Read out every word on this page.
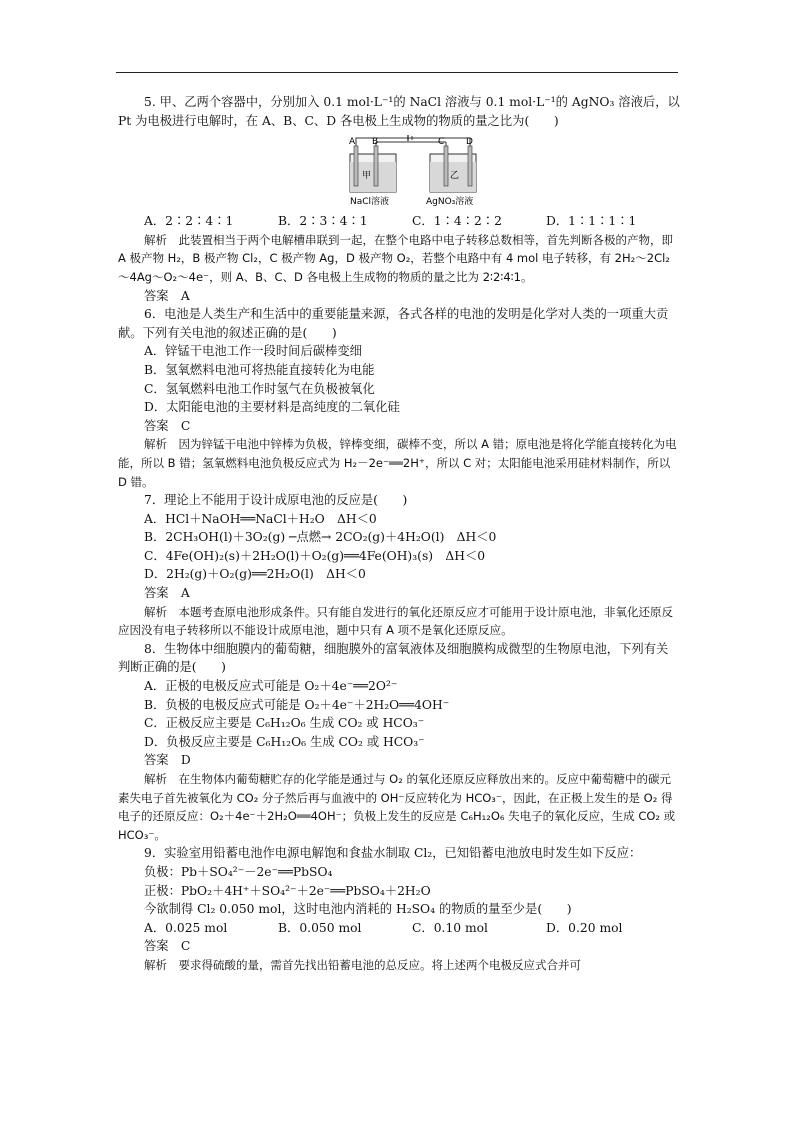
5. 甲、乙两个容器中，分别加入 0.1 mol·L⁻¹的 NaCl 溶液与 0.1 mol·L⁻¹的 AgNO₃ 溶液后，以 Pt 为电极进行电解时，在 A、B、C、D 各电极上生成物的物质的量之比为(　　)

A B	C D
甲	乙
NaCl溶液	AgNO₃溶液
A．2∶2∶4∶1	B．2∶3∶4∶1	C．1∶4∶2∶2	D．1∶1∶1∶1

解析　此装置相当于两个电解槽串联到一起，在整个电路中电子转移总数相等，首先判断各极的产物，即 A 极产物 H₂，B 极产物 Cl₂，C 极产物 Ag，D 极产物 O₂，若整个电路中有 4 mol 电子转移，有 2H₂～2Cl₂～4Ag～O₂～4e⁻，则 A、B、C、D 各电极上生成物的物质的量之比为 2∶2∶4∶1。

答案　A

6．电池是人类生产和生活中的重要能量来源，各式各样的电池的发明是化学对人类的一项重大贡献。下列有关电池的叙述正确的是(　　)

A．锌锰干电池工作一段时间后碳棒变细

B．氢氧燃料电池可将热能直接转化为电能

C．氢氧燃料电池工作时氢气在负极被氧化

D．太阳能电池的主要材料是高纯度的二氧化硅

答案　C

解析　因为锌锰干电池中锌棒为负极，锌棒变细，碳棒不变，所以 A 错；原电池是将化学能直接转化为电能，所以 B 错；氢氧燃料电池负极反应式为 H₂－2e⁻══2H⁺，所以 C 对；太阳能电池采用硅材料制作，所以 D 错。

7．理论上不能用于设计成原电池的反应是(　　)

A．HCl＋NaOH══NaCl＋H₂O　ΔH＜0

B．2CH₃OH(l)＋3O₂(g) ─点燃→ 2CO₂(g)＋4H₂O(l)　ΔH＜0

C．4Fe(OH)₂(s)＋2H₂O(l)＋O₂(g)══4Fe(OH)₃(s)　ΔH＜0

D．2H₂(g)＋O₂(g)══2H₂O(l)　ΔH＜0

答案　A

解析　本题考查原电池形成条件。只有能自发进行的氧化还原反应才可能用于设计原电池，非氧化还原反应因没有电子转移所以不能设计成原电池，题中只有 A 项不是氧化还原反应。

8．生物体中细胞膜内的葡萄糖，细胞膜外的富氧液体及细胞膜构成微型的生物原电池，下列有关判断正确的是(　　)

A．正极的电极反应式可能是 O₂＋4e⁻══2O²⁻

B．负极的电极反应式可能是 O₂＋4e⁻＋2H₂O══4OH⁻

C．正极反应主要是 C₆H₁₂O₆ 生成 CO₂ 或 HCO₃⁻

D．负极反应主要是 C₆H₁₂O₆ 生成 CO₂ 或 HCO₃⁻

答案　D

解析　在生物体内葡萄糖贮存的化学能是通过与 O₂ 的氧化还原反应释放出来的。反应中葡萄糖中的碳元素失电子首先被氧化为 CO₂ 分子然后再与血液中的 OH⁻反应转化为 HCO₃⁻，因此，在正极上发生的是 O₂ 得电子的还原反应：O₂＋4e⁻＋2H₂O══4OH⁻；负极上发生的反应是 C₆H₁₂O₆ 失电子的氧化反应，生成 CO₂ 或 HCO₃⁻。

9．实验室用铅蓄电池作电源电解饱和食盐水制取 Cl₂，已知铅蓄电池放电时发生如下反应：

负极：Pb＋SO₄²⁻－2e⁻══PbSO₄

正极：PbO₂＋4H⁺＋SO₄²⁻＋2e⁻══PbSO₄＋2H₂O

今欲制得 Cl₂ 0.050 mol，这时电池内消耗的 H₂SO₄ 的物质的量至少是(　　)

A．0.025 mol	B．0.050 mol	C．0.10 mol	D．0.20 mol

答案　C

解析　要求得硫酸的量，需首先找出铅蓄电池的总反应。将上述两个电极反应式合并可
